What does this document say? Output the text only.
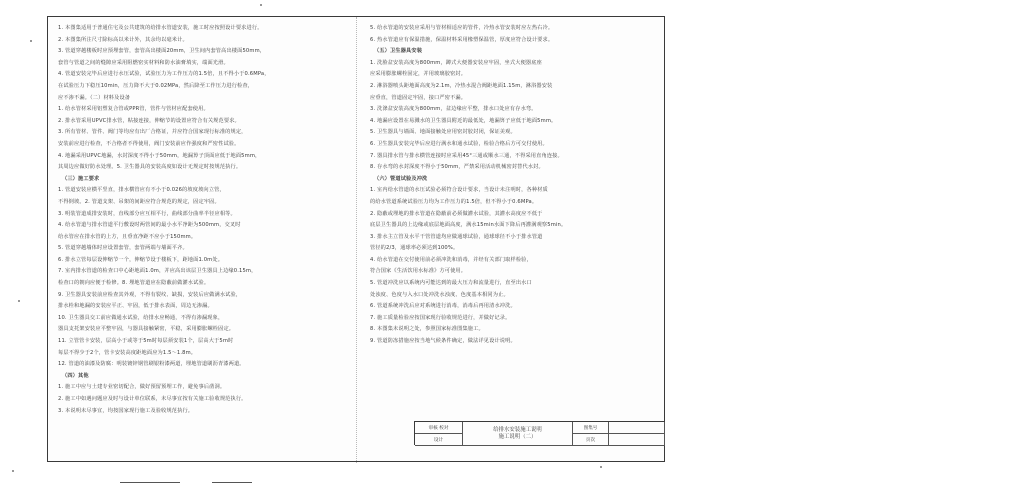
1. 本图集适用于普通住宅及公共建筑的给排水管道安装，施工时应按照设计要求进行。
2. 本图集所注尺寸除标高以米计外，其余均以毫米计。
3. 管道穿越楼板时应预埋套管，套管高出楼面20mm，卫生间内套管高出楼面50mm，
套管与管道之间的缝隙应采用阻燃密实材料和防水油膏填实，端面光滑。
4. 管道安装完毕后应进行水压试验，试验压力为工作压力的1.5倍，且不得小于0.6MPa，
在试验压力下稳压10min，压力降不大于0.02MPa，然后降至工作压力进行检查，
应不渗不漏。（二）材料及设备
1. 给水管材采用铝塑复合管或PPR管，管件与管材应配套使用。
2. 排水管采用UPVC排水管，粘接连接，伸缩节的设置应符合有关规范要求。
3. 所有管材、管件、阀门等均应有出厂合格证，并应符合国家现行标准的规定，
安装前应进行检查，不合格者不得使用，阀门安装前应作强度和严密性试验。
4. 地漏采用UPVC地漏，水封深度不得小于50mm，地漏箅子顶面应低于地面5mm，
其周边应做好防水处理。5. 卫生器具的安装高度如设计无规定时按规范执行。
（三）施工要求
1. 管道安装应横平竖直，排水横管应有不小于0.026的坡度坡向立管，
不得倒坡。2. 管道支架、吊架的间距应符合规范的规定，固定牢固。
3. 明装管道成排安装时，直线部分应互相平行，曲线部分曲率半径应相等。
4. 给水管道与排水管道平行敷设时两管间的最小水平净距为500mm，交叉时
给水管应在排水管的上方，且垂直净距不应小于150mm。
5. 管道穿越墙体时应设置套管，套管两端与墙面平齐。
6. 排水立管每层设伸缩节一个，伸缩节设于楼板下，距地面1.0m处。
7. 室内排水管道的检查口中心距地面1.0m，并应高出该层卫生器具上边缘0.15m，
检查口的朝向应便于检修。8. 埋地管道应在隐蔽前做灌水试验。
9. 卫生器具安装前应检查其外观，不得有裂纹、缺损，安装后应做满水试验，
排水栓和地漏的安装应平正、牢固，低于排水表面，周边无渗漏。
10. 卫生器具交工前应做通水试验，给排水应畅通，不得有渗漏现象，
器具支托架安装应平整牢固，与器具接触紧密，平稳，采用膨胀螺栓固定。
11. 立管管卡安装，层高小于或等于5m时每层须安装1个，层高大于5m时
每层不得少于2个，管卡安装高度距地面应为1.5～1.8m。
12. 管道的油漆及防腐：明装镀锌钢管刷银粉漆两道，埋地管道刷沥青漆两道。
（四）其他
1. 施工中应与土建专业密切配合，做好预留预埋工作，避免事后凿洞。
2. 施工中如遇问题应及时与设计单位联系，未尽事宜按有关施工验收规范执行。
3. 本说明未尽事宜，均按国家现行施工及验收规范执行。
5. 给水管道的安装应采用与管材相适应的管件，冷热水管安装时应左热右冷。
6. 热水管道应有保温措施，保温材料采用橡塑保温管，厚度应符合设计要求。
（五）卫生器具安装
1. 洗脸盆安装高度为800mm，蹲式大便器安装应牢固，坐式大便器底座
应采用膨胀螺栓固定，并用玻璃胶密封。
2. 淋浴器喷头距地面高度为2.1m，冷热水混合阀距地面1.15m，淋浴器安装
应垂直，管道固定牢固，接口严密不漏。
3. 洗涤盆安装高度为800mm，盆边缘应平整，排水口处应有存水弯。
4. 地漏应设置在易溅水的卫生器具附近的最低处，地漏箅子应低于地面5mm。
5. 卫生器具与墙面、地面接触处应用密封胶封闭，保证美观。
6. 卫生器具安装完毕后应进行满水和通水试验，检验合格后方可交付使用。
7. 器具排水管与排水横管连接时应采用45°三通或顺水三通，不得采用直角连接。
8. 存水弯的水封深度不得小于50mm，严禁采用活动机械密封替代水封。
（六）管道试验及冲洗
1. 室内给水管道的水压试验必须符合设计要求，当设计未注明时，各种材质
的给水管道系统试验压力均为工作压力的1.5倍，但不得小于0.6MPa。
2. 隐蔽或埋地的排水管道在隐蔽前必须做灌水试验，其灌水高度应不低于
底层卫生器具的上边缘或底层地面高度，满水15min水面下降后再灌满观察5min。
3. 排水主立管及水平干管管道均应做通球试验，通球球径不小于排水管道
管径的2/3，通球率必须达到100%。
4. 给水管道在交付使用前必须冲洗和消毒，并经有关部门取样检验，
符合国家《生活饮用水标准》方可使用。
5. 管道冲洗应以系统内可能达到的最大压力和流量进行，直至出水口
处浊度、色度与入水口处冲洗水浊度、色度基本相同为止。
6. 管道系统冲洗后应对系统进行消毒，消毒后再用清水冲洗。
7. 施工质量检验应按国家现行验收规范进行，并做好记录。
8. 本图集未说明之处，参照国家标准图集施工。
9. 管道防冻措施应按当地气候条件确定，做法详见设计说明。
审核 校对
设计
给排水安装施工说明
施工说明（二）
图集号
页次
